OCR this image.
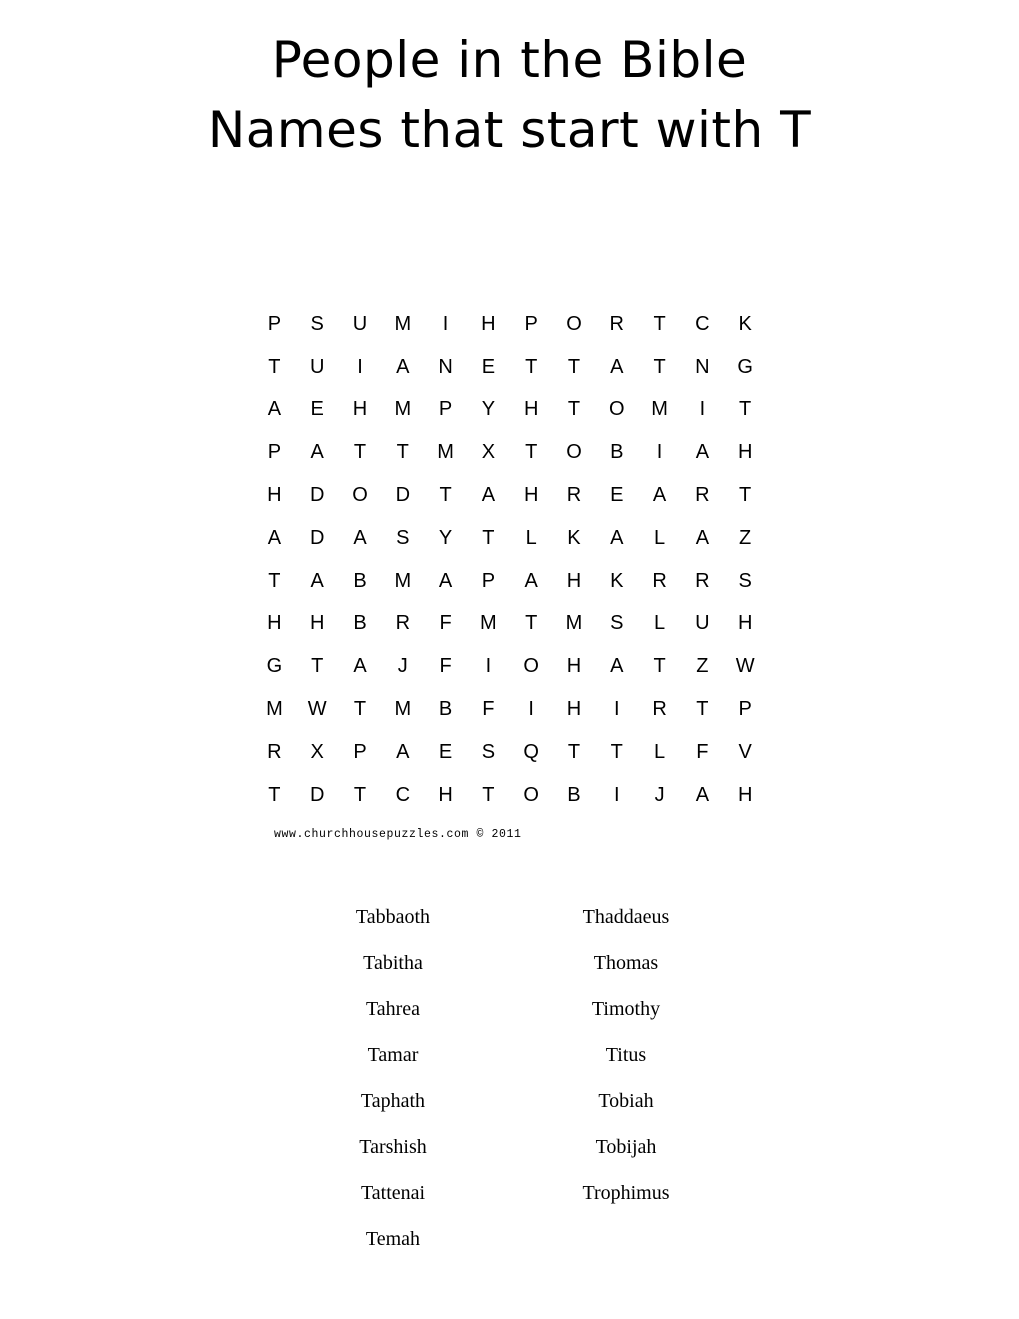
People in the Bible
Names that start with T
P	S	U	M	I	H	P	O	R	T	C	K
T	U	I	A	N	E	T	T	A	T	N	G
A	E	H	M	P	Y	H	T	O	M	I	T
P	A	T	T	M	X	T	O	B	I	A	H
H	D	O	D	T	A	H	R	E	A	R	T
A	D	A	S	Y	T	L	K	A	L	A	Z
T	A	B	M	A	P	A	H	K	R	R	S
H	H	B	R	F	M	T	M	S	L	U	H
G	T	A	J	F	I	O	H	A	T	Z	W
M	W	T	M	B	F	I	H	I	R	T	P
R	X	P	A	E	S	Q	T	T	L	F	V
T	D	T	C	H	T	O	B	I	J	A	H
www.churchhousepuzzles.com © 2011
Tabbaoth
Tabitha
Tahrea
Tamar
Taphath
Tarshish
Tattenai
Temah
Thaddaeus
Thomas
Timothy
Titus
Tobiah
Tobijah
Trophimus
